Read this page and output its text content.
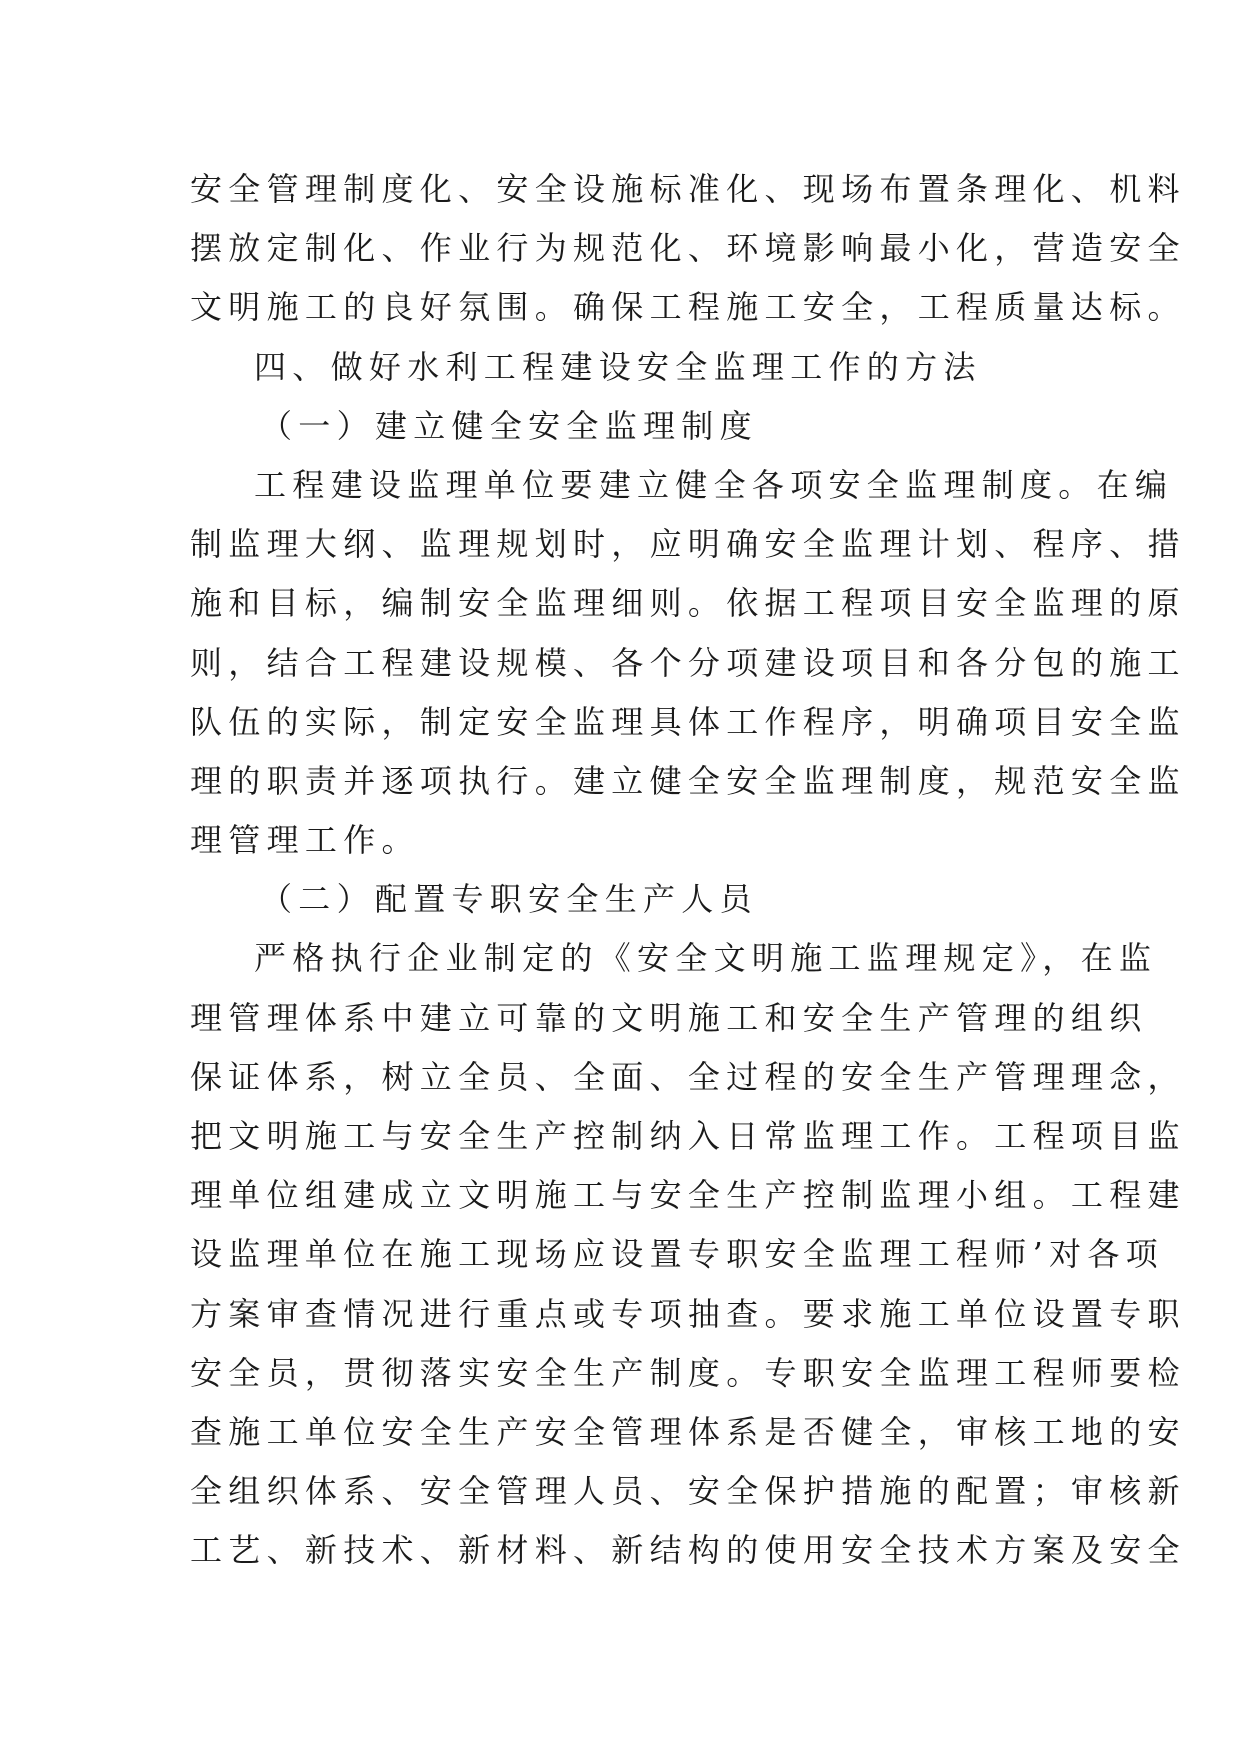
安全管理制度化、安全设施标准化、现场布置条理化、机料
摆放定制化、作业行为规范化、环境影响最小化，营造安全
文明施工的良好氛围。确保工程施工安全，工程质量达标。
四、做好水利工程建设安全监理工作的方法
（一）建立健全安全监理制度
工程建设监理单位要建立健全各项安全监理制度。在编
制监理大纲、监理规划时，应明确安全监理计划、程序、措
施和目标，编制安全监理细则。依据工程项目安全监理的原
则，结合工程建设规模、各个分项建设项目和各分包的施工
队伍的实际，制定安全监理具体工作程序，明确项目安全监
理的职责并逐项执行。建立健全安全监理制度，规范安全监
理管理工作。
（二）配置专职安全生产人员
严格执行企业制定的《安全文明施工监理规定》，在监
理管理体系中建立可靠的文明施工和安全生产管理的组织
保证体系，树立全员、全面、全过程的安全生产管理理念，
把文明施工与安全生产控制纳入日常监理工作。工程项目监
理单位组建成立文明施工与安全生产控制监理小组。工程建
设监理单位在施工现场应设置专职安全监理工程师’对各项
方案审查情况进行重点或专项抽查。要求施工单位设置专职
安全员，贯彻落实安全生产制度。专职安全监理工程师要检
查施工单位安全生产安全管理体系是否健全，审核工地的安
全组织体系、安全管理人员、安全保护措施的配置；审核新
工艺、新技术、新材料、新结构的使用安全技术方案及安全
